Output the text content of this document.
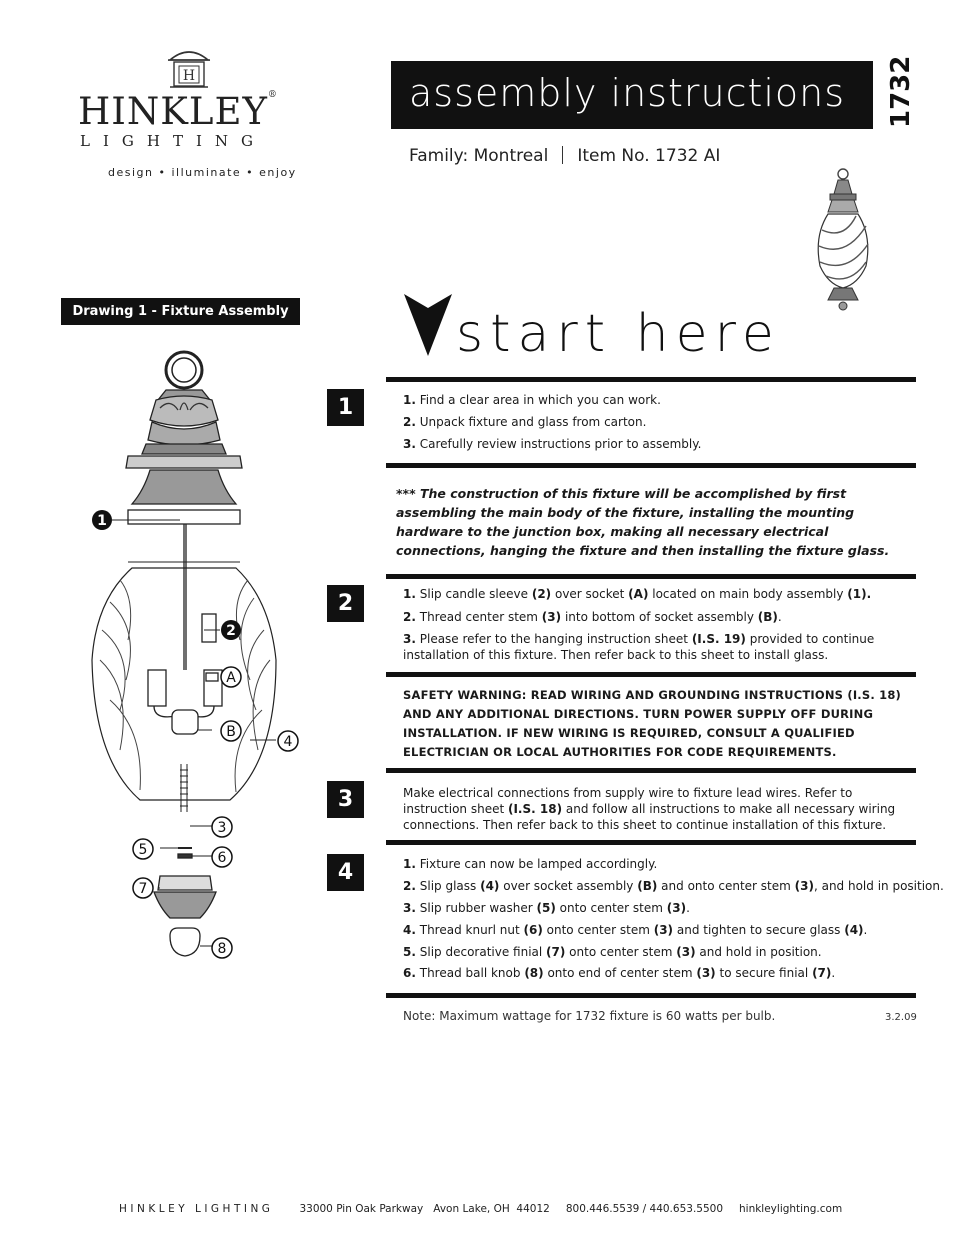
H
HINKLEY®
LIGHTING
design • illuminate • enjoy
assembly instructions 1732
Family: Montreal Item No. 1732 AI
Drawing 1 - Fixture Assembly
1
2
A
B
4
3
5	6
7
8
start here
1	1. Find a clear area in which you can work.
2. Unpack fixture and glass from carton.
3. Carefully review instructions prior to assembly.
*** The construction of this fixture will be accomplished by first assembling the main body of the fixture, installing the mounting hardware to the junction box, making all necessary electrical connections, hanging the fixture and then installing the fixture glass.
2	1. Slip candle sleeve (2) over socket (A) located on main body assembly (1).
2. Thread center stem (3) into bottom of socket assembly (B).
3. Please refer to the hanging instruction sheet (I.S. 19) provided to continue installation of this fixture. Then refer back to this sheet to install glass.
SAFETY WARNING: READ WIRING AND GROUNDING INSTRUCTIONS (I.S. 18) AND ANY ADDITIONAL DIRECTIONS. TURN POWER SUPPLY OFF DURING INSTALLATION. IF NEW WIRING IS REQUIRED, CONSULT A QUALIFIED ELECTRICIAN OR LOCAL AUTHORITIES FOR CODE REQUIREMENTS.
3	Make electrical connections from supply wire to fixture lead wires. Refer to instruction sheet (I.S. 18) and follow all instructions to make all necessary wiring connections. Then refer back to this sheet to continue installation of this fixture.
4	1. Fixture can now be lamped accordingly.
2. Slip glass (4) over socket assembly (B) and onto center stem (3), and hold in position.
3. Slip rubber washer (5) onto center stem (3).
4. Thread knurl nut (6) onto center stem (3) and tighten to secure glass (4).
5. Slip decorative finial (7) onto center stem (3) and hold in position.
6. Thread ball knob (8) onto end of center stem (3) to secure finial (7).
Note: Maximum wattage for 1732 fixture is 60 watts per bulb.	3.2.09
HINKLEY LIGHTING 33000 Pin Oak Parkway   Avon Lake, OH  44012 800.446.5539 / 440.653.5500 hinkleylighting.com
